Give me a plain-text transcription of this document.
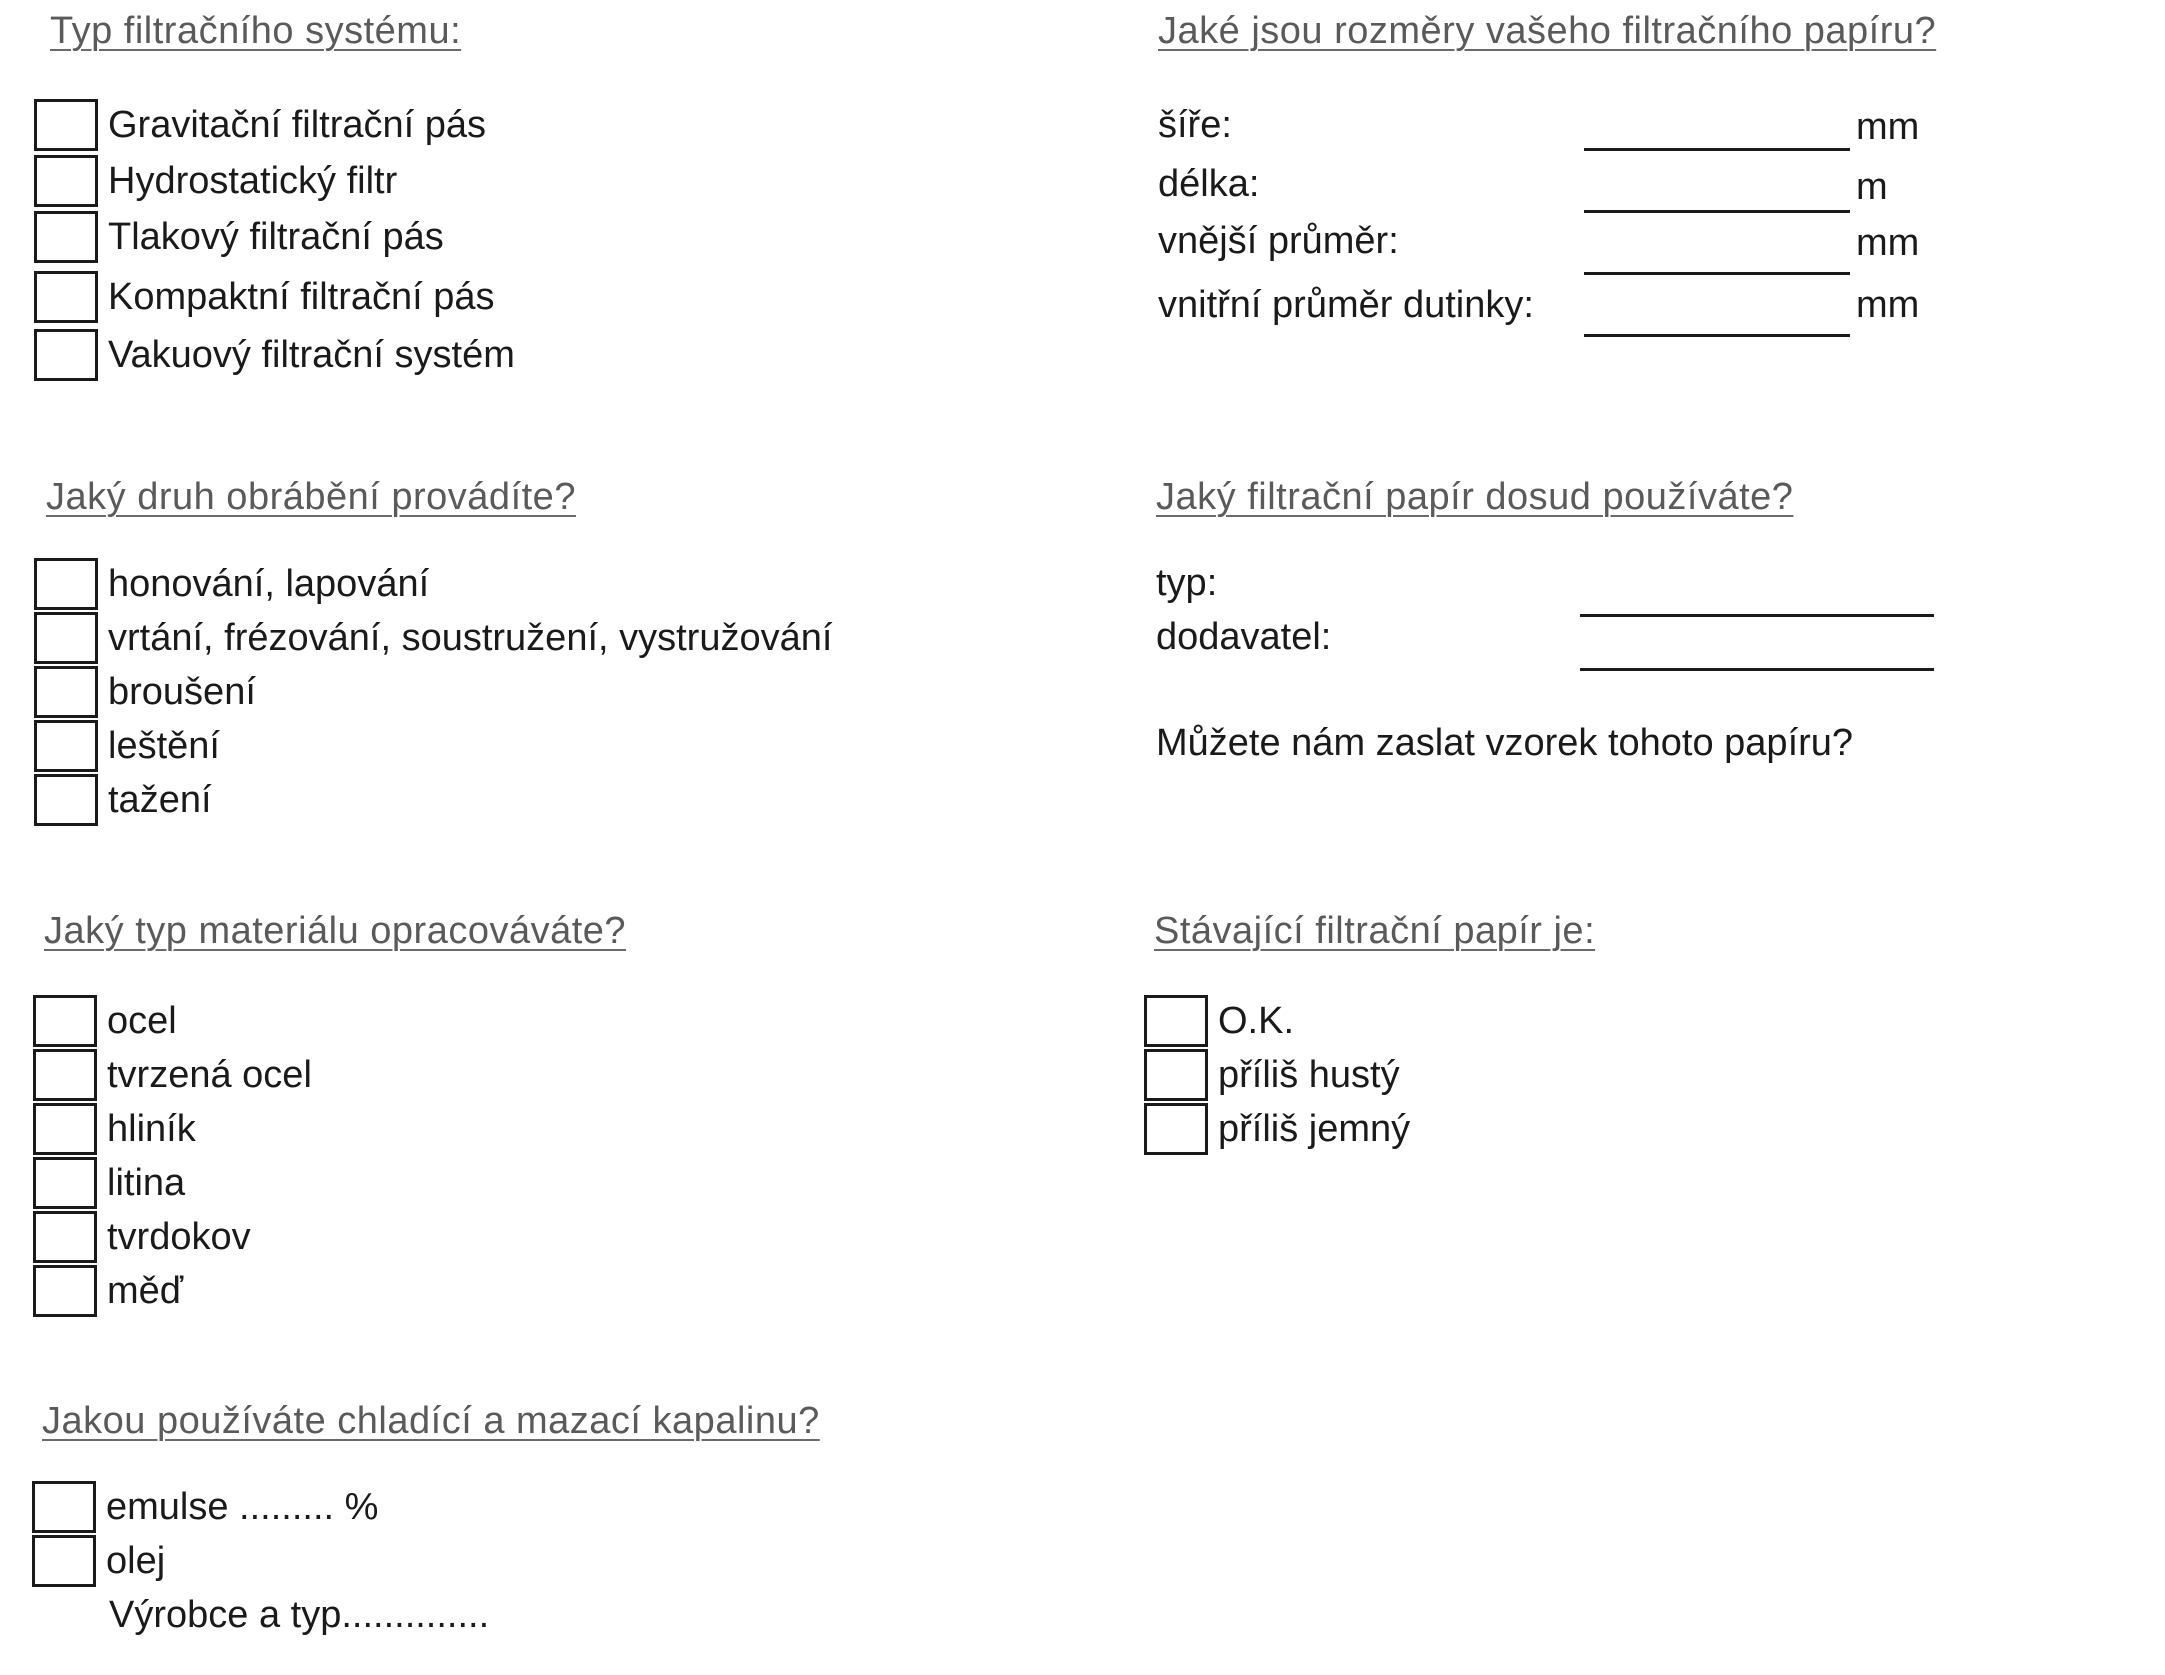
Typ filtračního systému:
Gravitační filtrační pás
Hydrostatický filtr
Tlakový filtrační pás
Kompaktní filtrační pás
Vakuový filtrační systém
Jaký druh obrábění provádíte?
honování, lapování
vrtání, frézování, soustružení, vystružování
broušení
leštění
tažení
Jaký typ materiálu opracováváte?
ocel
tvrzená ocel
hliník
litina
tvrdokov
měď
Jakou používáte chladící a mazací kapalinu?
emulse ......... %
olej
Výrobce a typ..............
Jaké jsou rozměry vašeho filtračního papíru?
šíře:	mm
délka:	m
vnější průměr:	mm
vnitřní průměr dutinky:	mm
Jaký filtrační papír dosud používáte?
typ:
dodavatel:

Můžete nám zaslat vzorek tohoto papíru?

Stávající filtrační papír je:
O.K.
příliš hustý
příliš jemný
